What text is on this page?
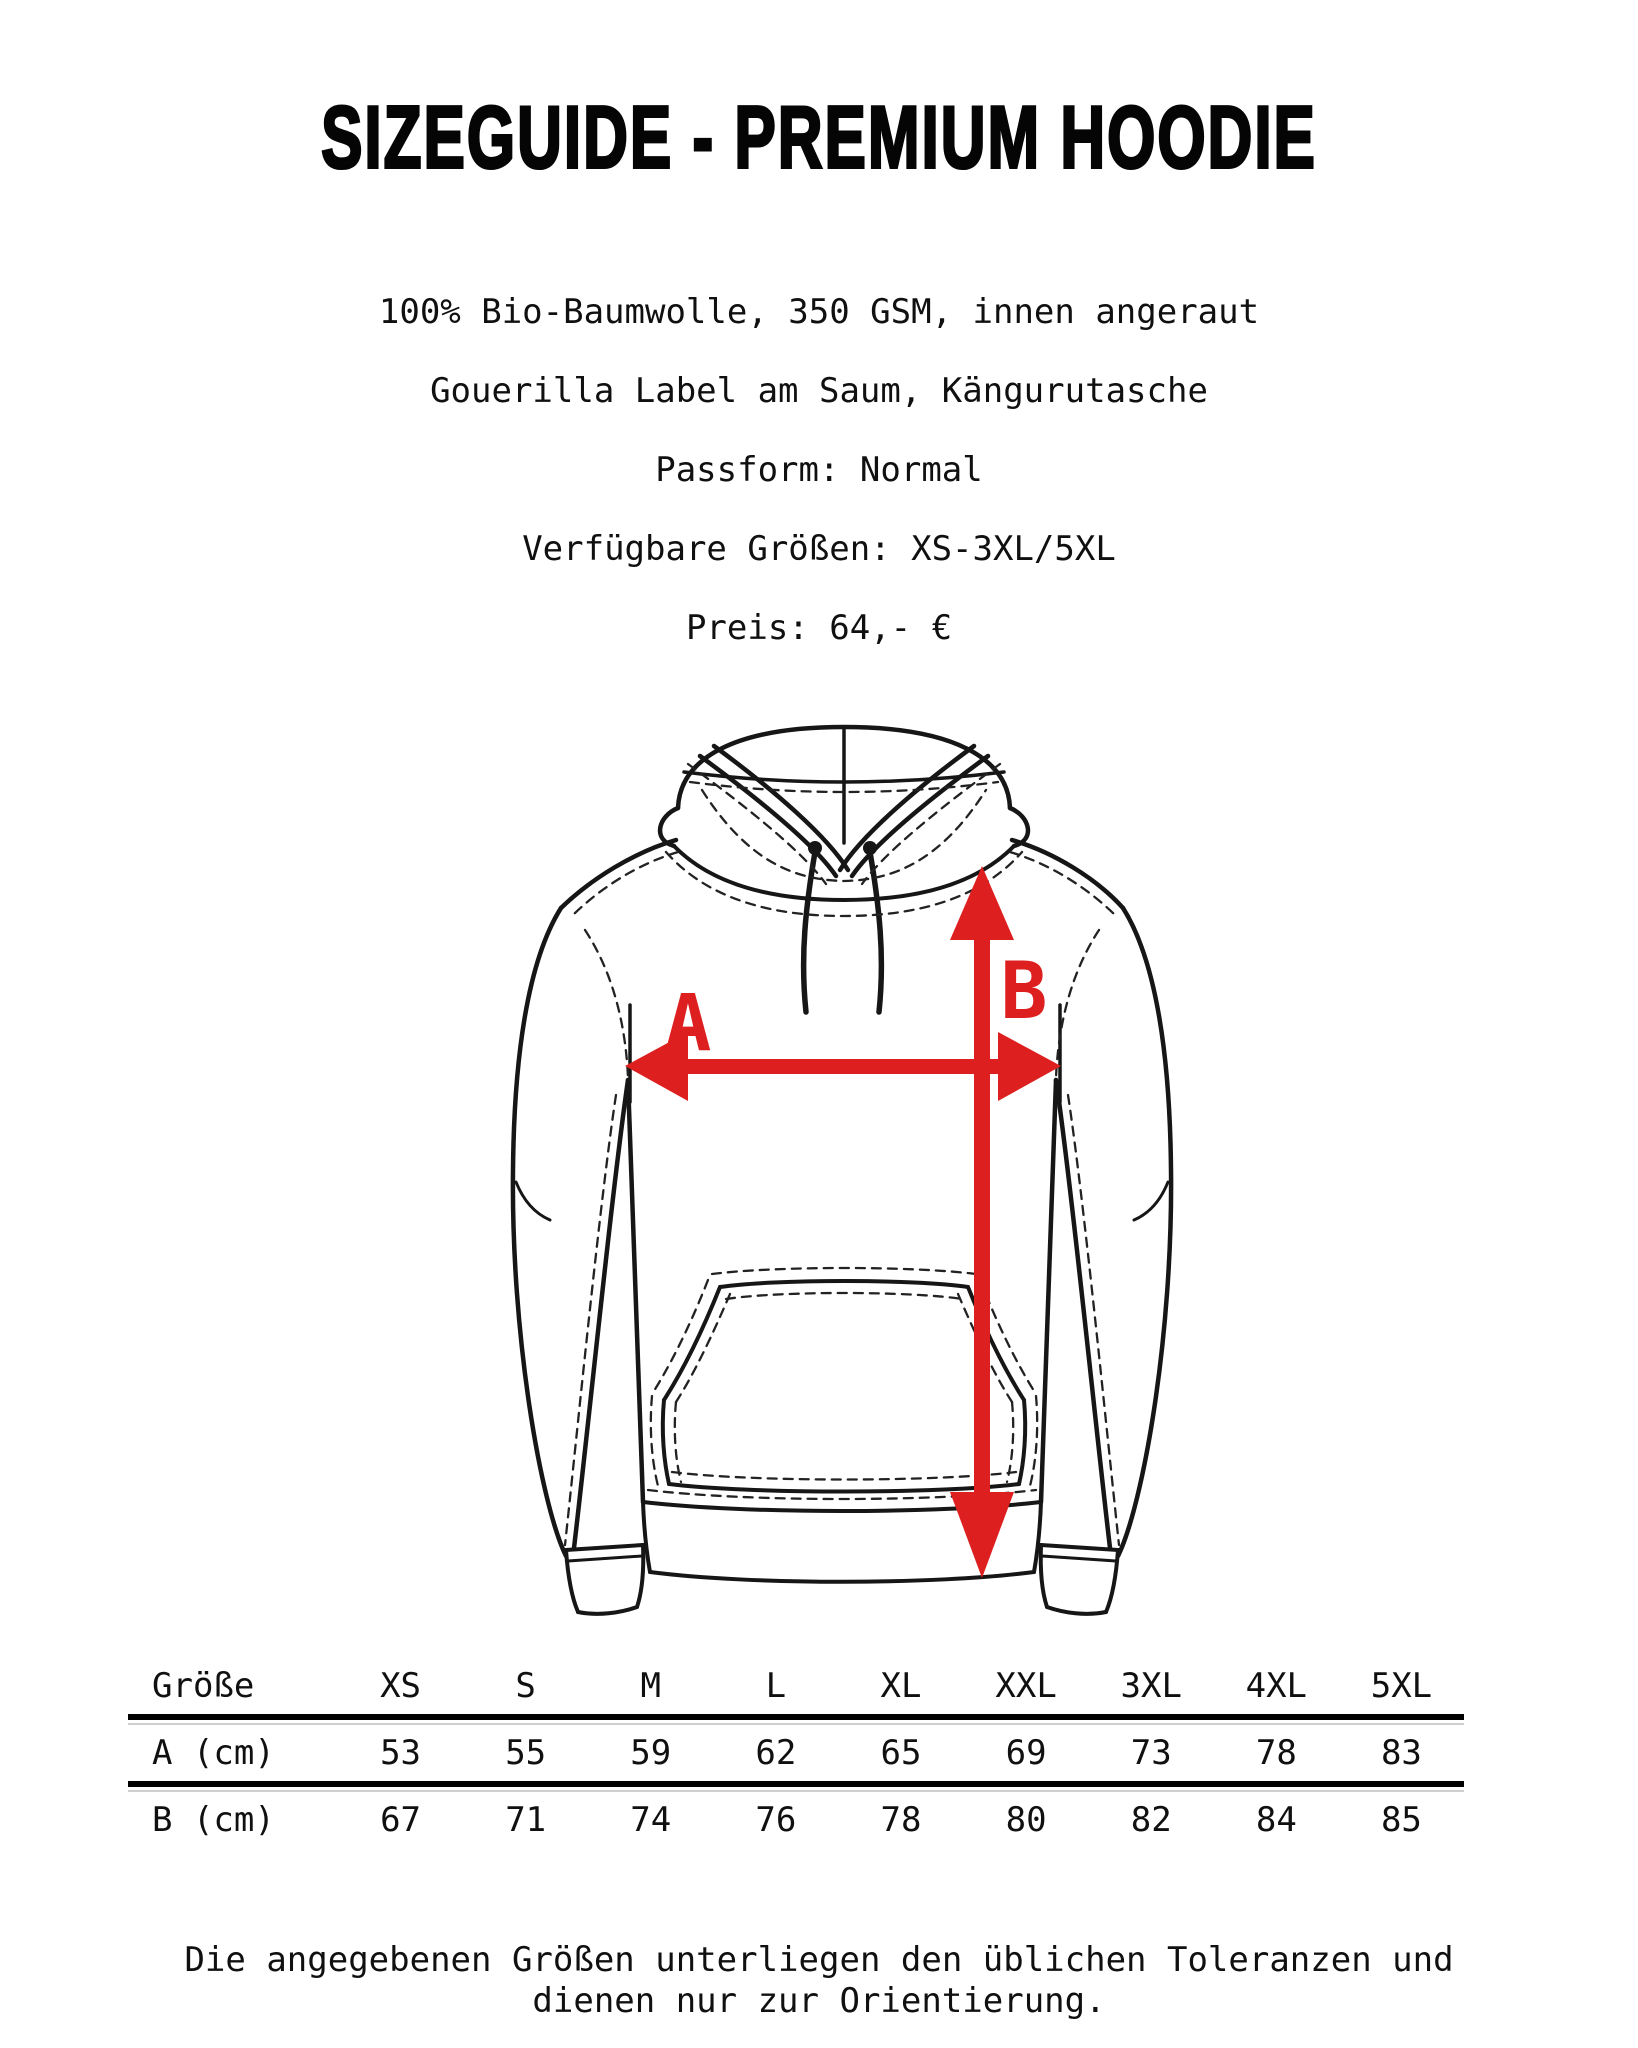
SIZEGUIDE - PREMIUM HOODIE
100% Bio-Baumwolle, 350 GSM, innen angeraut
Gouerilla Label am Saum, Kängurutasche
Passform: Normal
Verfügbare Größen: XS-3XL/5XL
Preis: 64,- €
A	B
Größe	XS	S	M	L	XL	XXL	3XL	4XL	5XL
A (cm)	53	55	59	62	65	69	73	78	83
B (cm)	67	71	74	76	78	80	82	84	85
Die angegebenen Größen unterliegen den üblichen Toleranzen und
dienen nur zur Orientierung.
